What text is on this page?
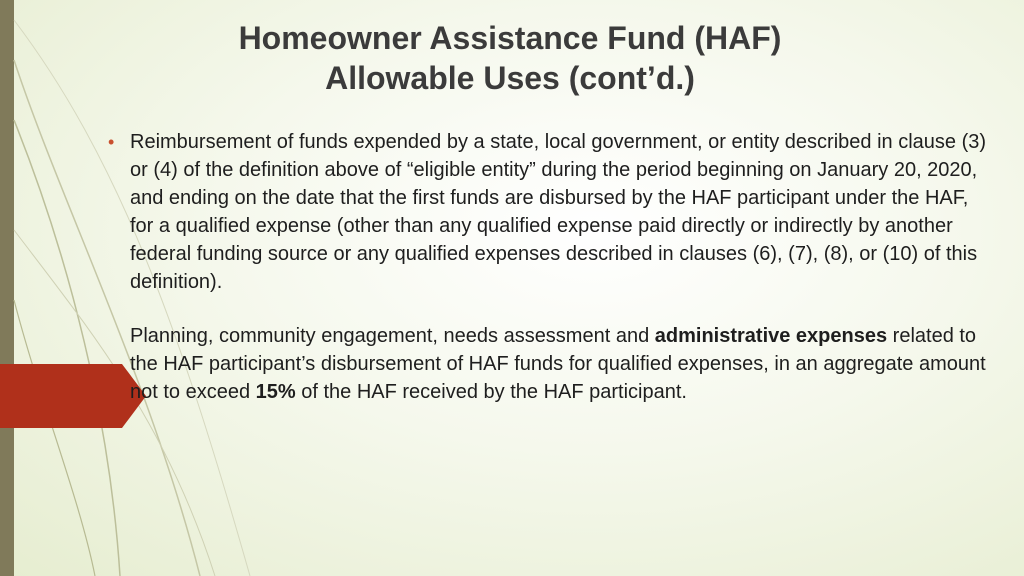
Homeowner Assistance Fund (HAF)
Allowable Uses (cont’d.)
• Reimbursement of funds expended by a state, local government, or entity described in clause (3) or (4) of the definition above of “eligible entity” during the period beginning on January 20, 2020, and ending on the date that the first funds are disbursed by the HAF participant under the HAF, for a qualified expense (other than any qualified expense paid directly or indirectly by another federal funding source or any qualified expenses described in clauses (6), (7), (8), or (10) of this definition).
Planning, community engagement, needs assessment and administrative expenses related to the HAF participant’s disbursement of HAF funds for qualified expenses, in an aggregate amount not to exceed 15% of the HAF received by the HAF participant.
